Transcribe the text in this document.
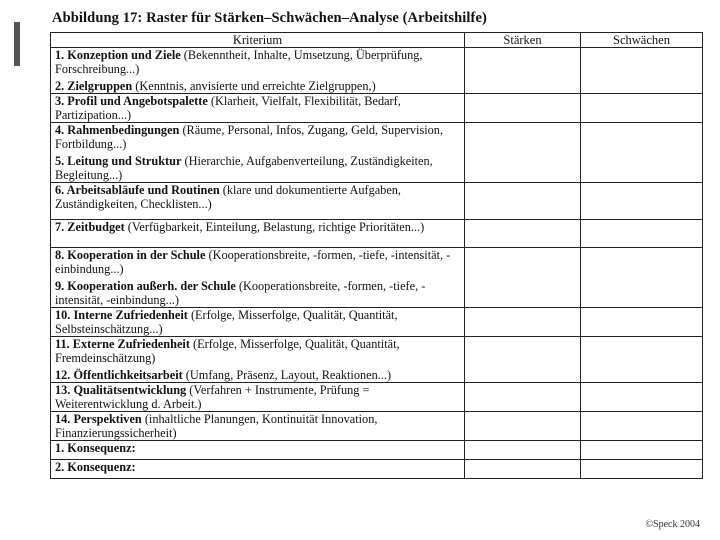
Abbildung 17: Raster für Stärken–Schwächen–Analyse (Arbeitshilfe)
Kriterium	Stärken	Schwächen

1. Konzeption und Ziele (Bekenntheit, Inhalte, Umsetzung, Überprüfung, Forschreibung...)
2. Zielgruppen (Kenntnis, anvisierte und erreichte Zielgruppen,)		

3. Profil und Angebotspalette (Klarheit, Vielfalt, Flexibilität, Bedarf, Partizipation...)		

4. Rahmenbedingungen (Räume, Personal, Infos, Zugang, Geld, Supervision, Fortbildung...)
5. Leitung und Struktur (Hierarchie, Aufgabenverteilung, Zuständigkeiten, Begleitung...)		

6. Arbeitsabläufe und Routinen (klare und dokumentierte Aufgaben, Zuständigkeiten, Checklisten...)		

7. Zeitbudget (Verfügbarkeit, Einteilung, Belastung, richtige Prioritäten...)		

8. Kooperation in der Schule (Kooperationsbreite, -formen, -tiefe, -intensität, -einbindung...)
9. Kooperation außerh. der Schule (Kooperationsbreite, -formen, -tiefe, -intensität, -einbindung...)		

10. Interne Zufriedenheit (Erfolge, Misserfolge, Qualität, Quantität, Selbsteinschätzung...)		

11. Externe Zufriedenheit (Erfolge, Misserfolge, Qualität, Quantität, Fremdeinschätzung)
12. Öffentlichkeitsarbeit (Umfang, Präsenz, Layout, Reaktionen...)		

13. Qualitätsentwicklung (Verfahren + Instrumente, Prüfung = Weiterentwicklung d. Arbeit.)		

14. Perspektiven (inhaltliche Planungen, Kontinuität Innovation, Finanzierungssicherheit)		

1. Konsequenz:		

2. Konsequenz:		

©Speck 2004
